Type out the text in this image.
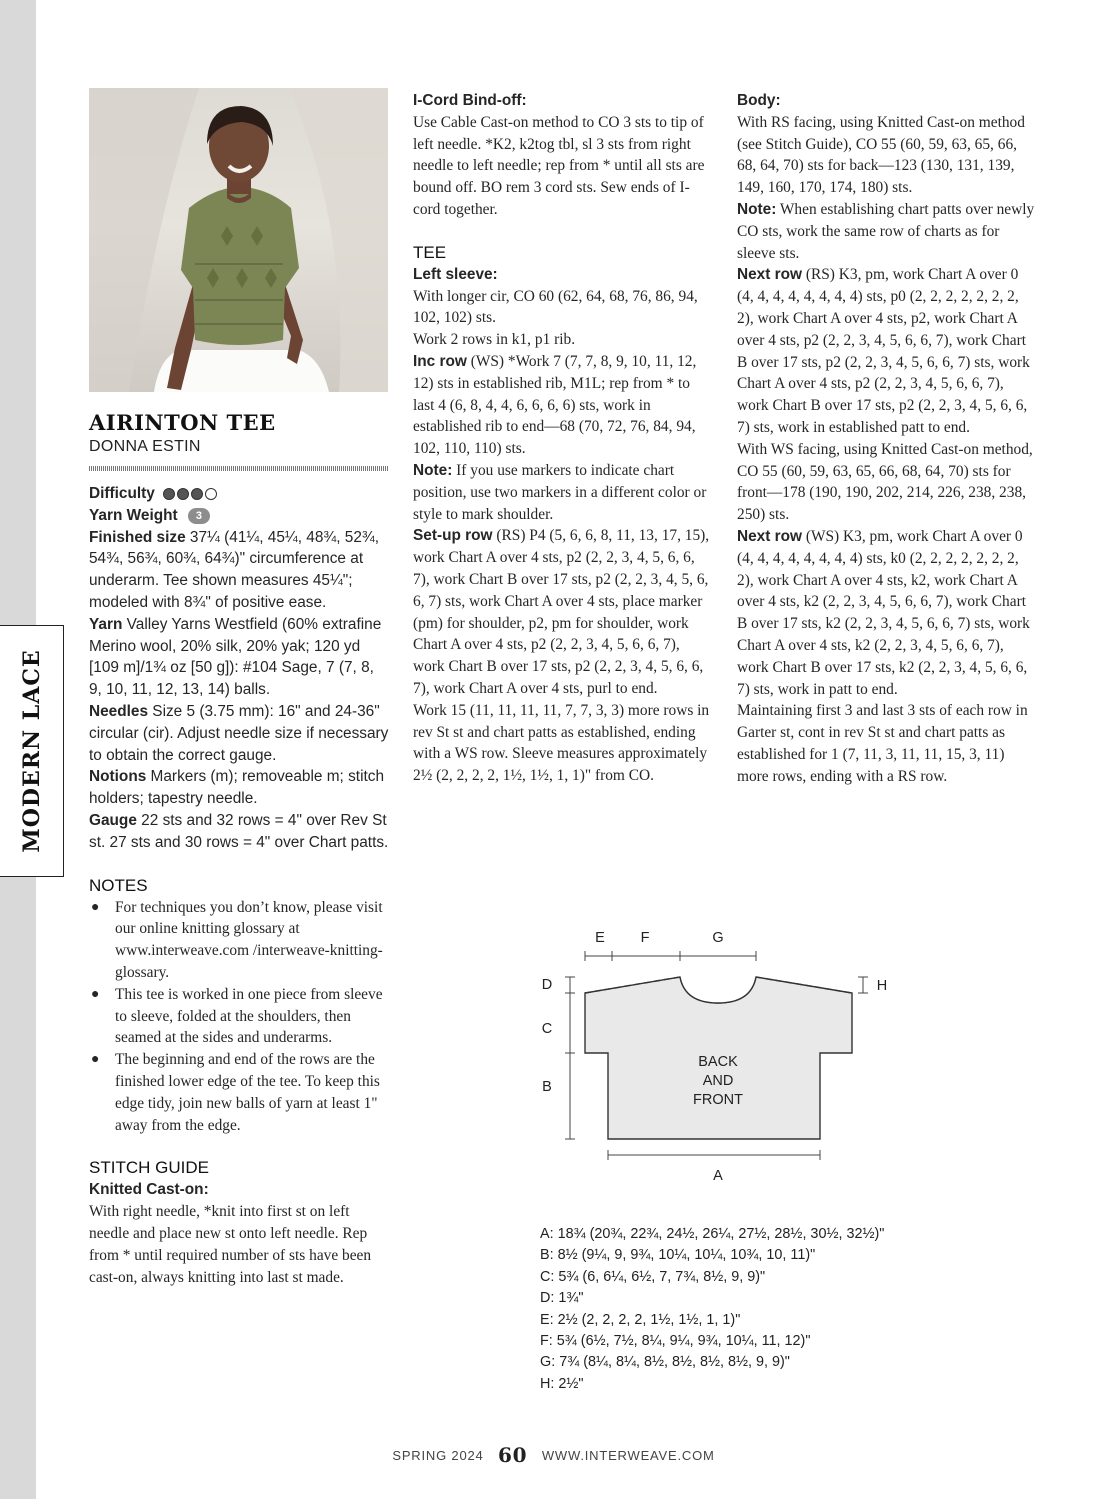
MODERN LACE
AIRINTON TEE
DONNA ESTIN

Difficulty

Yarn Weight 3

Finished size 37¼ (41¼, 45¼, 48¾, 52¾, 54¾, 56¾, 60¾, 64¾)" circumference at underarm. Tee shown measures 45¼"; modeled with 8¾" of positive ease.

Yarn Valley Yarns Westfield (60% extrafine Merino wool, 20% silk, 20% yak; 120 yd [109 m]/1¾ oz [50 g]): #104 Sage, 7 (7, 8, 9, 10, 11, 12, 13, 14) balls.

Needles Size 5 (3.75 mm): 16" and 24-36" circular (cir). Adjust needle size if necessary to obtain the correct gauge.

Notions Markers (m); removeable m; stitch holders; tapestry needle.

Gauge 22 sts and 32 rows = 4" over Rev St st. 27 sts and 30 rows = 4" over Chart patts.

NOTES
● For techniques you don’t know, please visit our online knitting glossary at www.interweave.com /interweave-knitting-glossary.
● This tee is worked in one piece from sleeve to sleeve, folded at the shoulders, then seamed at the sides and underarms.
● The beginning and end of the rows are the finished lower edge of the tee. To keep this edge tidy, join new balls of yarn at least 1" away from the edge.
STITCH GUIDE
Knitted Cast-on:

With right needle, *knit into first st on left needle and place new st onto left needle. Rep from * until required number of sts have been cast-on, always knitting into last st made.

I-Cord Bind-off:

Use Cable Cast-on method to CO 3 sts to tip of left needle. *K2, k2tog tbl, sl 3 sts from right needle to left needle; rep from * until all sts are bound off. BO rem 3 cord sts. Sew ends of I-cord together.

TEE
Left sleeve:

With longer cir, CO 60 (62, 64, 68, 76, 86, 94, 102, 102) sts.

Work 2 rows in k1, p1 rib.

Inc row (WS) *Work 7 (7, 7, 8, 9, 10, 11, 12, 12) sts in established rib, M1L; rep from * to last 4 (6, 8, 4, 4, 6, 6, 6, 6) sts, work in established rib to end—68 (70, 72, 76, 84, 94, 102, 110, 110) sts.

Note: If you use markers to indicate chart position, use two markers in a different color or style to mark shoulder.

Set-up row (RS) P4 (5, 6, 6, 8, 11, 13, 17, 15), work Chart A over 4 sts, p2 (2, 2, 3, 4, 5, 6, 6, 7), work Chart B over 17 sts, p2 (2, 2, 3, 4, 5, 6, 6, 7) sts, work Chart A over 4 sts, place marker (pm) for shoulder, p2, pm for shoulder, work Chart A over 4 sts, p2 (2, 2, 3, 4, 5, 6, 6, 7), work Chart B over 17 sts, p2 (2, 2, 3, 4, 5, 6, 6, 7), work Chart A over 4 sts, purl to end.

Work 15 (11, 11, 11, 11, 7, 7, 3, 3) more rows in rev St st and chart patts as established, ending with a WS row. Sleeve measures approximately 2½ (2, 2, 2, 2, 1½, 1½, 1, 1)" from CO.

Body:

With RS facing, using Knitted Cast-on method (see Stitch Guide), CO 55 (60, 59, 63, 65, 66, 68, 64, 70) sts for back—123 (130, 131, 139, 149, 160, 170, 174, 180) sts.

Note: When establishing chart patts over newly CO sts, work the same row of charts as for sleeve sts.

Next row (RS) K3, pm, work Chart A over 0 (4, 4, 4, 4, 4, 4, 4, 4) sts, p0 (2, 2, 2, 2, 2, 2, 2, 2), work Chart A over 4 sts, p2, work Chart A over 4 sts, p2 (2, 2, 3, 4, 5, 6, 6, 7), work Chart B over 17 sts, p2 (2, 2, 3, 4, 5, 6, 6, 7) sts, work Chart A over 4 sts, p2 (2, 2, 3, 4, 5, 6, 6, 7), work Chart B over 17 sts, p2 (2, 2, 3, 4, 5, 6, 6, 7) sts, work in established patt to end.

With WS facing, using Knitted Cast-on method, CO 55 (60, 59, 63, 65, 66, 68, 64, 70) sts for front—178 (190, 190, 202, 214, 226, 238, 238, 250) sts.

Next row (WS) K3, pm, work Chart A over 0 (4, 4, 4, 4, 4, 4, 4, 4) sts, k0 (2, 2, 2, 2, 2, 2, 2, 2), work Chart A over 4 sts, k2, work Chart A over 4 sts, k2 (2, 2, 3, 4, 5, 6, 6, 7), work Chart B over 17 sts, k2 (2, 2, 3, 4, 5, 6, 6, 7) sts, work Chart A over 4 sts, k2 (2, 2, 3, 4, 5, 6, 6, 7), work Chart B over 17 sts, k2 (2, 2, 3, 4, 5, 6, 6, 7) sts, work in patt to end.

Maintaining first 3 and last 3 sts of each row in Garter st, cont in rev St st and chart patts as established for 1 (7, 11, 3, 11, 11, 15, 3, 11) more rows, ending with a RS row.

E F	G
D
C
B
H
A
BACK
AND
FRONT
A: 18¾ (20¾, 22¾, 24½, 26¼, 27½, 28½, 30½, 32½)"
B: 8½ (9¼, 9, 9¾, 10¼, 10¼, 10¾, 10, 11)"
C: 5¾ (6, 6¼, 6½, 7, 7¾, 8½, 9, 9)"
D: 1¾"
E: 2½ (2, 2, 2, 2, 1½, 1½, 1, 1)"
F: 5¾ (6½, 7½, 8¼, 9¼, 9¾, 10¼, 11, 12)"
G: 7¾ (8¼, 8¼, 8½, 8½, 8½, 8½, 9, 9)"
H: 2½"
SPRING 2024 60 WWW.INTERWEAVE.COM
